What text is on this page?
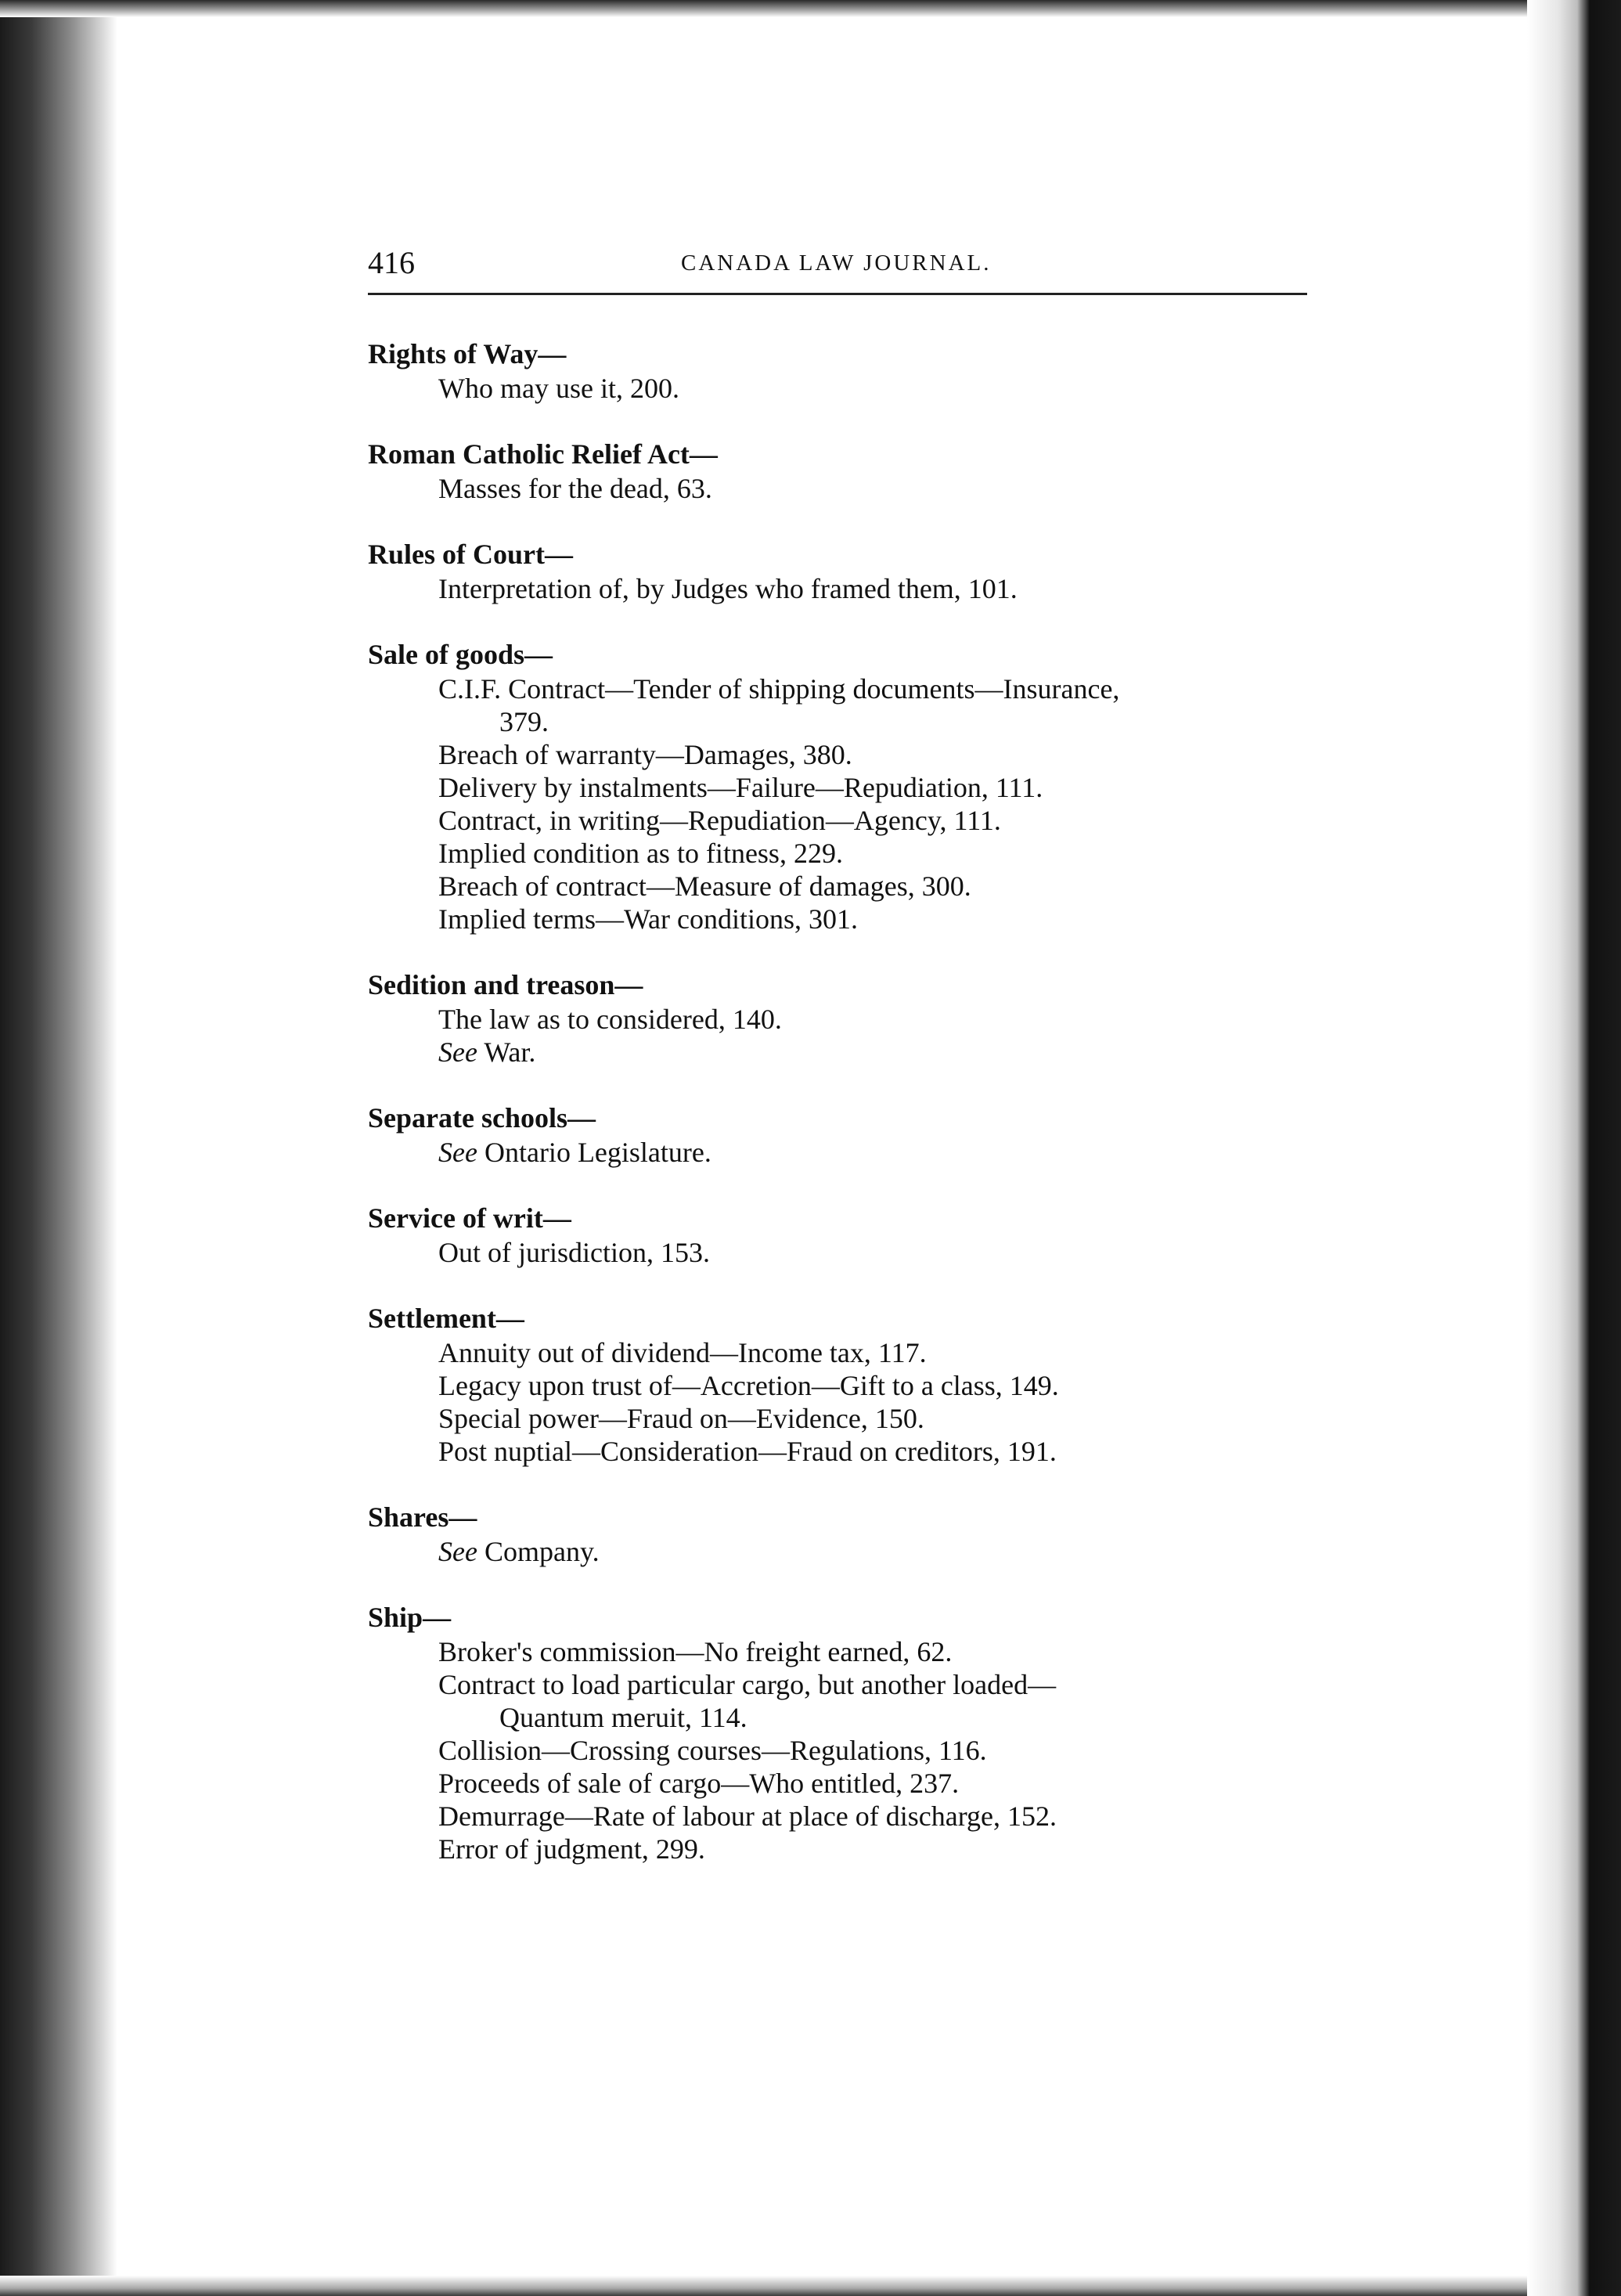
416	CANADA LAW JOURNAL.
Rights of Way—
Who may use it, 200.
Roman Catholic Relief Act—
Masses for the dead, 63.
Rules of Court—
Interpretation of, by Judges who framed them, 101.
Sale of goods—
C.I.F. Contract—Tender of shipping documents—Insurance,
379.
Breach of warranty—Damages, 380.
Delivery by instalments—Failure—Repudiation, 111.
Contract, in writing—Repudiation—Agency, 111.
Implied condition as to fitness, 229.
Breach of contract—Measure of damages, 300.
Implied terms—War conditions, 301.
Sedition and treason—
The law as to considered, 140.
See War.
Separate schools—
See Ontario Legislature.
Service of writ—
Out of jurisdiction, 153.
Settlement—
Annuity out of dividend—Income tax, 117.
Legacy upon trust of—Accretion—Gift to a class, 149.
Special power—Fraud on—Evidence, 150.
Post nuptial—Consideration—Fraud on creditors, 191.
Shares—
See Company.
Ship—
Broker's commission—No freight earned, 62.
Contract to load particular cargo, but another loaded—
Quantum meruit, 114.
Collision—Crossing courses—Regulations, 116.
Proceeds of sale of cargo—Who entitled, 237.
Demurrage—Rate of labour at place of discharge, 152.
Error of judgment, 299.
